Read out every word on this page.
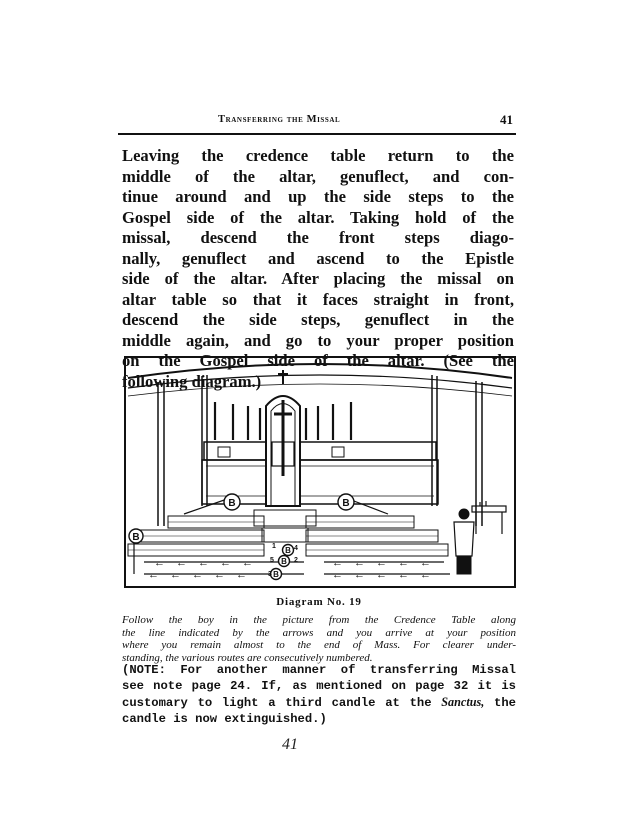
Transferring the Missal	41
Leaving the credence table return to the
middle of the altar, genuflect, and con-
tinue around and up the side steps to the
Gospel side of the altar. Taking hold of the
missal, descend the front steps diago-
nally, genuflect and ascend to the Epistle
side of the altar. After placing the missal on
altar table so that it faces straight in front,
descend the side steps, genuflect in the
middle again, and go to your proper position
on the Gospel side of the altar. (See the
following diagram.)
← ← ← ← ←	← ← ← ← ←
← ← ← ← ←	← ← ← ← ←
B	B
B
B
B
B 4
1
3
2
5
Diagram No. 19
Follow the boy in the picture from the Credence Table along
the line indicated by the arrows and you arrive at your position
where you remain almost to the end of Mass. For clearer under-
standing, the various routes are consecutively numbered.
(NOTE: For another manner of transferring Missal
see note page 24. If, as mentioned on page 32 it is
customary to light a third candle at the Sanctus, the
candle is now extinguished.)
41
